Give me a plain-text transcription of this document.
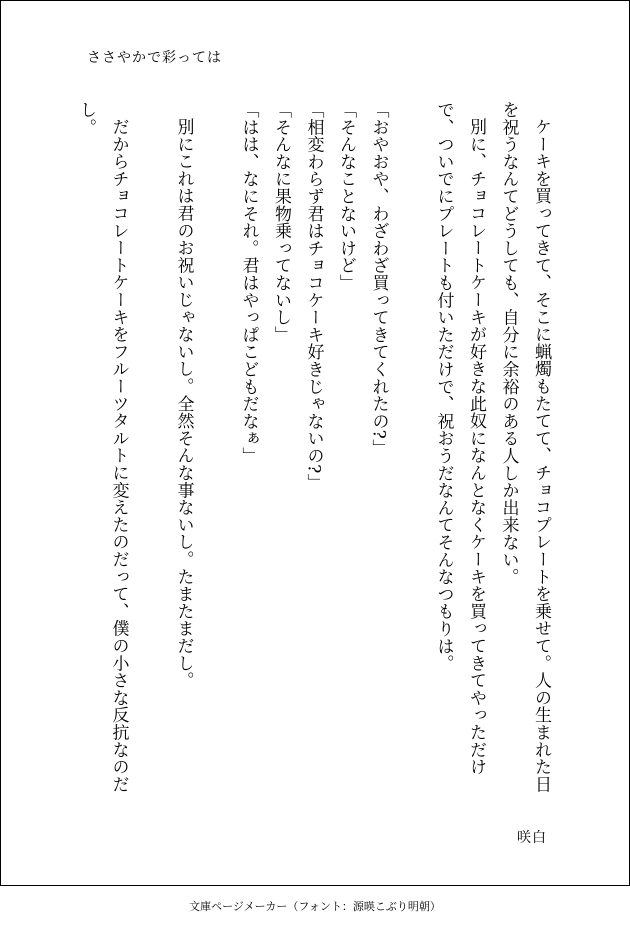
ささやかで彩っては

ケーキを買ってきて、そこに蝋燭もたてて、チョコプレートを乗せて。人の生まれた日を祝うなんてどうしても、自分に余裕のある人しか出来ない。

別に、チョコレートケーキが好きな此奴になんとなくケーキを買ってきてやっただけで、ついでにプレートも付いただけで、祝おうだなんてそんなつもりは。

「おやおや、わざわざ買ってきてくれたの?」

「そんなことないけど」

「相変わらず君はチョコケーキ好きじゃないの?」

「そんなに果物乗ってないし」

「はは、なにそれ。君はやっぱこどもだなぁ」

別にこれは君のお祝いじゃないし。全然そんな事ないし。たまたまだし。

だからチョコレートケーキをフルーツタルトに変えたのだって、僕の小さな反抗なのだし。

咲白
文庫ページメーカー（フォント：源暎こぶり明朝）
